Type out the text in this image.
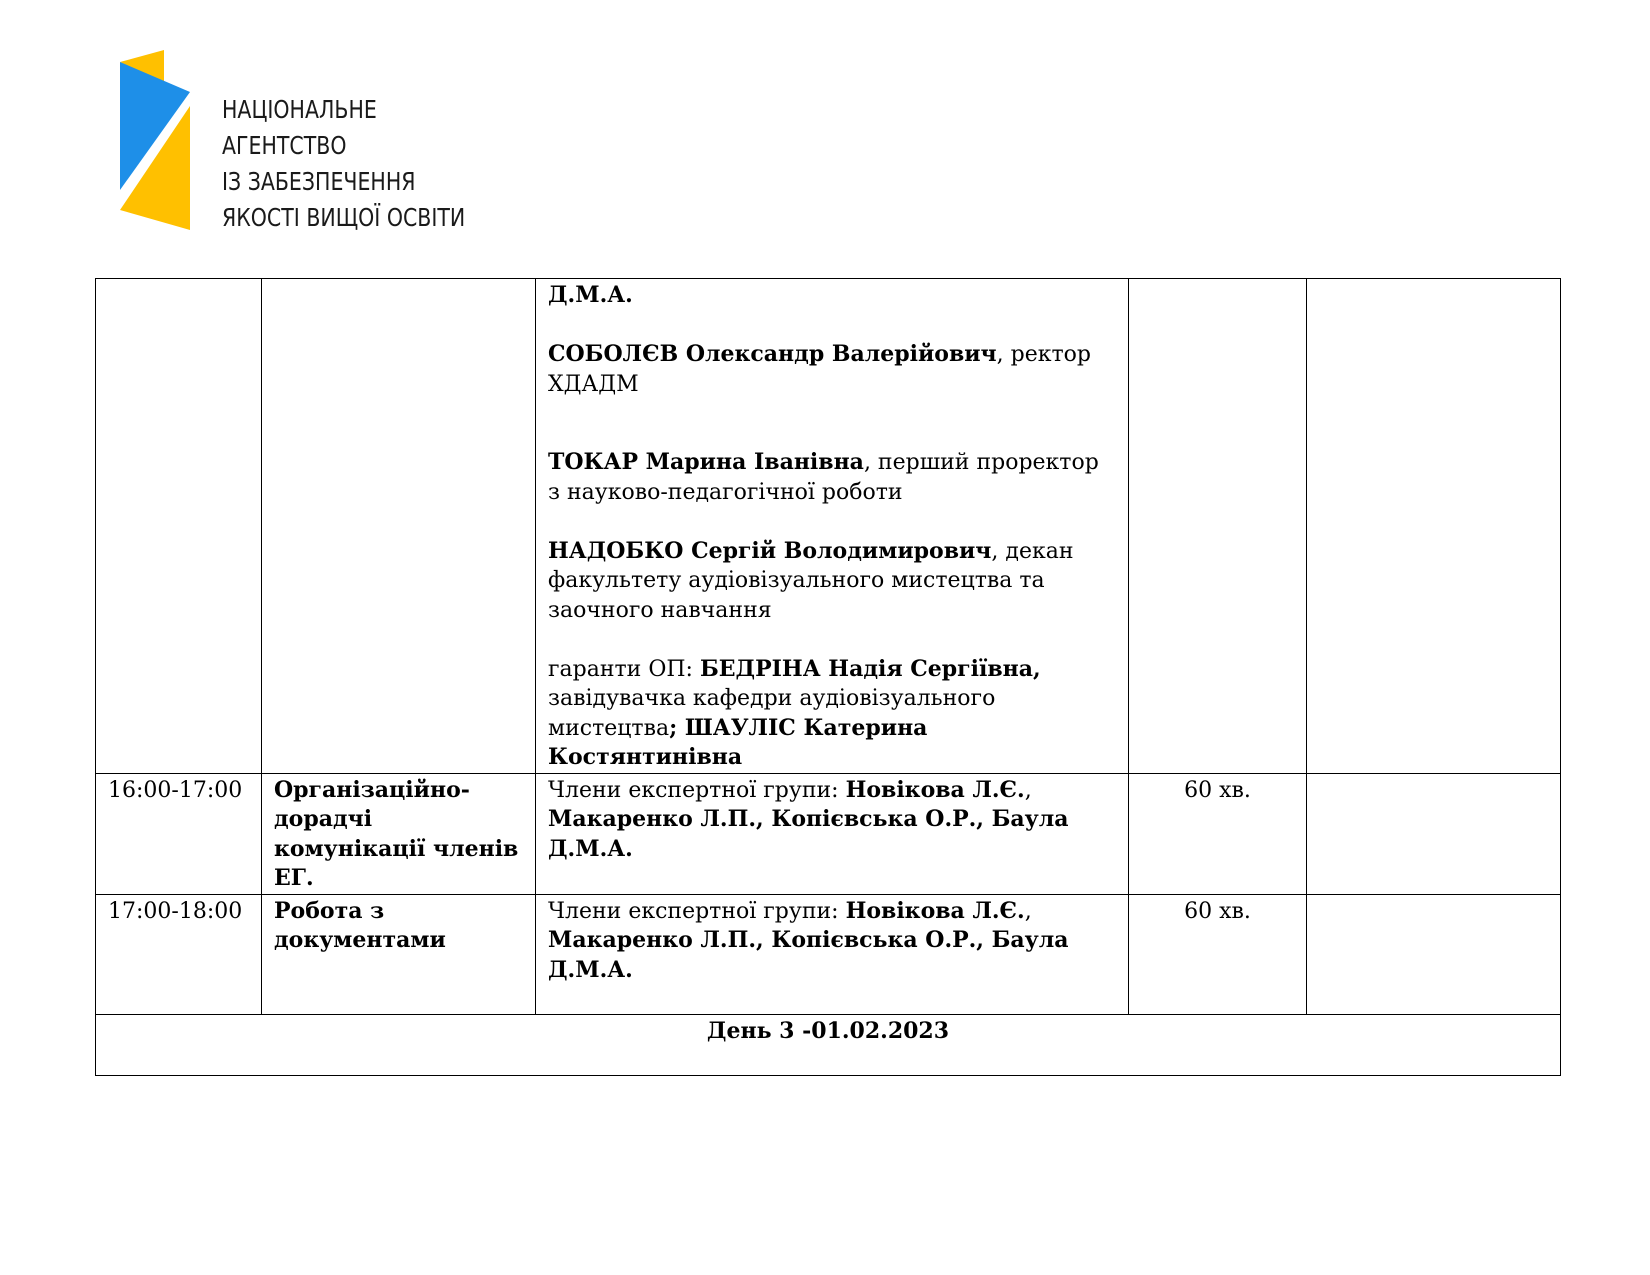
НАЦІОНАЛЬНЕ
АГЕНТСТВО
ІЗ ЗАБЕЗПЕЧЕННЯ
ЯКОСТІ ВИЩОЇ ОСВІТИ

		Д.М.А.
СОБОЛЄВ Олександр Валерійович, ректор ХДАДМ
ТОКАР Марина Іванівна, перший проректор з науково-педагогічної роботи
НАДОБКО Сергій Володимирович, декан факультету аудіовізуального мистецтва та заочного навчання
гаранти ОП: БЕДРІНА Надія Сергіївна, завідувачка кафедри аудіовізуального мистецтва; ШАУЛІС Катерина Костянтинівна		

16:00-17:00	Організаційно-дорадчі комунікації членів ЕГ.	Члени експертної групи: Новікова Л.Є., Макаренко Л.П., Копієвська О.Р., Баула Д.М.А.	60 хв.	
17:00-18:00	Робота з документами	Члени експертної групи: Новікова Л.Є., Макаренко Л.П., Копієвська О.Р., Баула Д.М.А.	60 хв.	
День 3 -01.02.2023				
